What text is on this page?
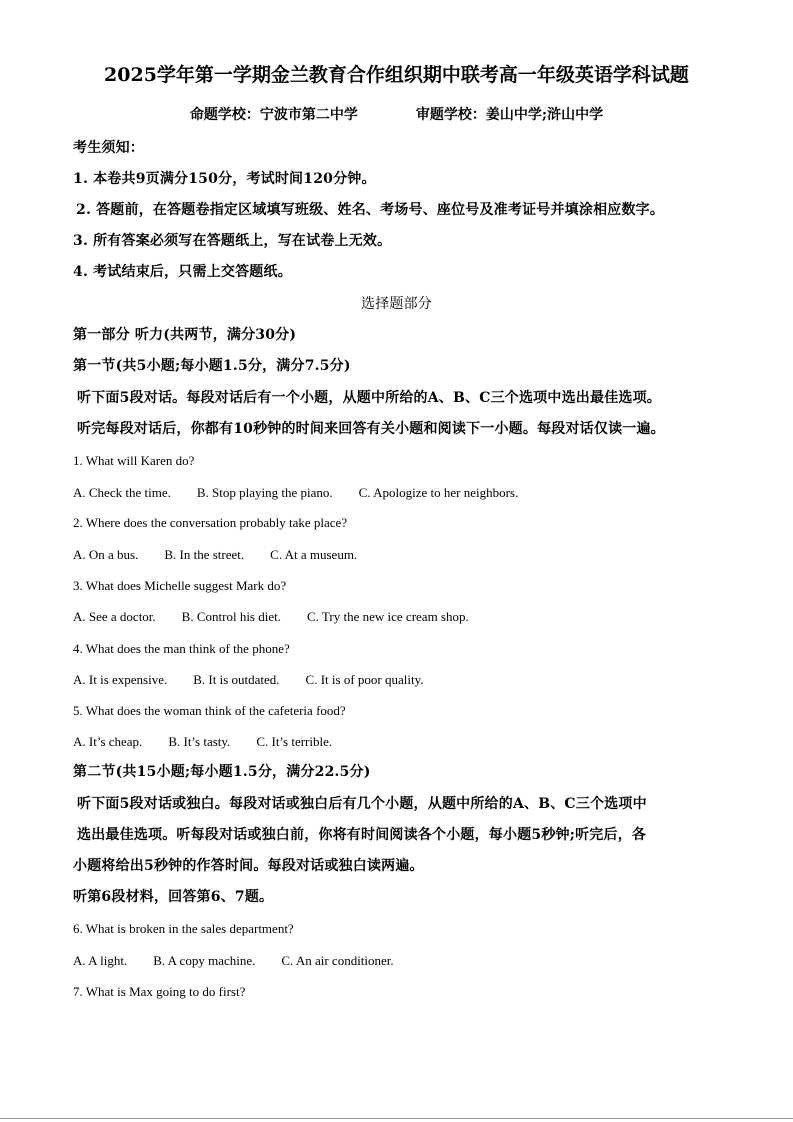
2025学年第一学期金兰教育合作组织期中联考高一年级英语学科试题
命题学校：宁波市第二中学	审题学校：姜山中学;浒山中学
考生须知：
1. 本卷共9页满分150分，考试时间120分钟。
2. 答题前，在答题卷指定区域填写班级、姓名、考场号、座位号及准考证号并填涂相应数字。
3. 所有答案必须写在答题纸上，写在试卷上无效。
4. 考试结束后，只需上交答题纸。
选择题部分
第一部分 听力(共两节，满分30分)
第一节(共5小题;每小题1.5分，满分7.5分)
听下面5段对话。每段对话后有一个小题，从题中所给的A、B、C三个选项中选出最佳选项。
听完每段对话后，你都有10秒钟的时间来回答有关小题和阅读下一小题。每段对话仅读一遍。
1. What will Karen do?
A. Check the time. B. Stop playing the piano. C. Apologize to her neighbors.
2. Where does the conversation probably take place?
A. On a bus. B. In the street. C. At a museum.
3. What does Michelle suggest Mark do?
A. See a doctor. B. Control his diet. C. Try the new ice cream shop.
4. What does the man think of the phone?
A. It is expensive. B. It is outdated. C. It is of poor quality.
5. What does the woman think of the cafeteria food?
A. It’s cheap. B. It’s tasty. C. It’s terrible.
第二节(共15小题;每小题1.5分，满分22.5分)
听下面5段对话或独白。每段对话或独白后有几个小题，从题中所给的A、B、C三个选项中
选出最佳选项。听每段对话或独白前，你将有时间阅读各个小题，每小题5秒钟;听完后，各
小题将给出5秒钟的作答时间。每段对话或独白读两遍。
听第6段材料，回答第6、7题。
6. What is broken in the sales department?
A. A light. B. A copy machine. C. An air conditioner.
7. What is Max going to do first?
